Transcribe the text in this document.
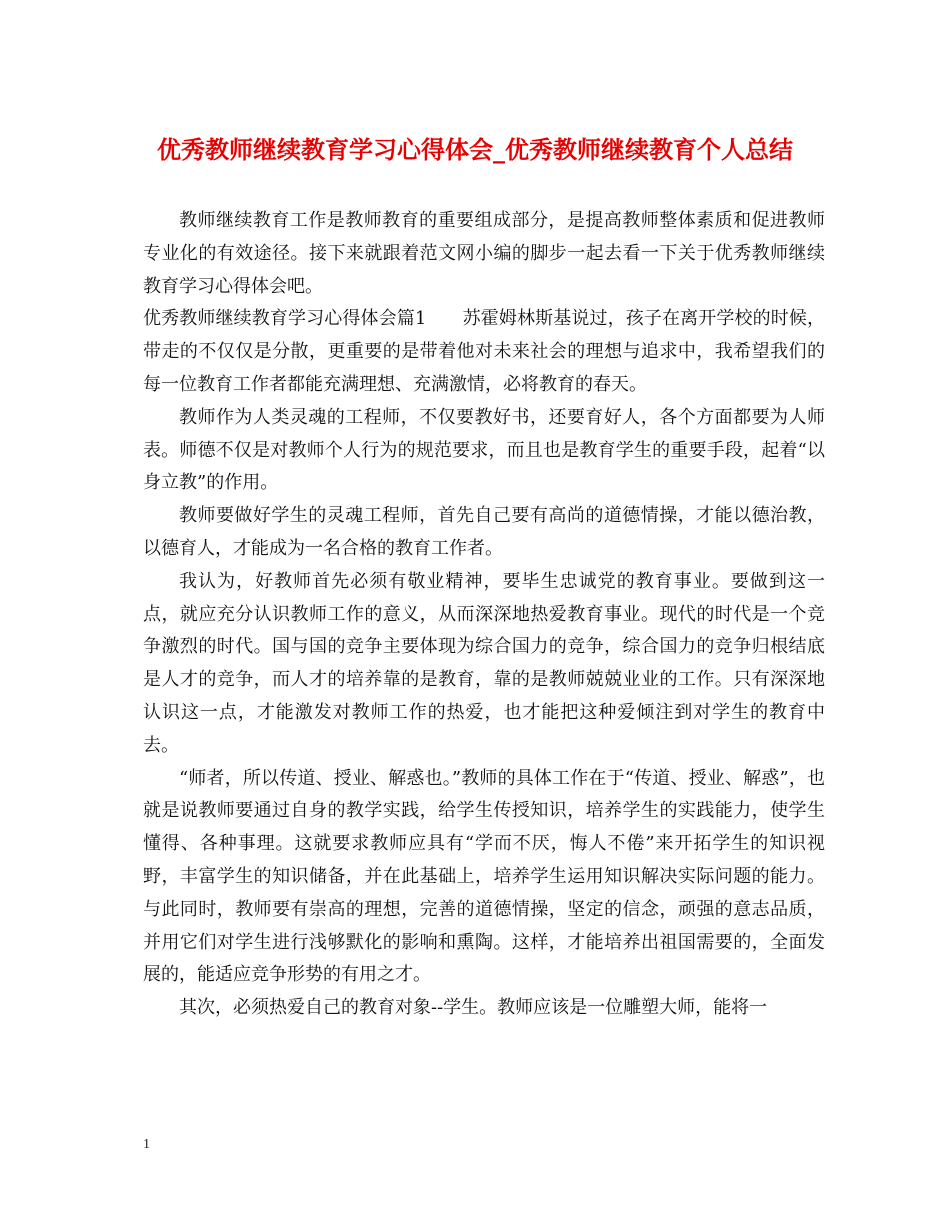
优秀教师继续教育学习心得体会_优秀教师继续教育个人总结

教师继续教育工作是教师教育的重要组成部分，是提高教师整体素质和促进教师专业化的有效途径。接下来就跟着范文网小编的脚步一起去看一下关于优秀教师继续教育学习心得体会吧。

优秀教师继续教育学习心得体会篇1　　苏霍姆林斯基说过，孩子在离开学校的时候，带走的不仅仅是分散，更重要的是带着他对未来社会的理想与追求中，我希望我们的每一位教育工作者都能充满理想、充满激情，必将教育的春天。

教师作为人类灵魂的工程师，不仅要教好书，还要育好人，各个方面都要为人师表。师德不仅是对教师个人行为的规范要求，而且也是教育学生的重要手段，起着“以身立教”的作用。

教师要做好学生的灵魂工程师，首先自己要有高尚的道德情操，才能以德治教，以德育人，才能成为一名合格的教育工作者。

我认为，好教师首先必须有敬业精神，要毕生忠诚党的教育事业。要做到这一点，就应充分认识教师工作的意义，从而深深地热爱教育事业。现代的时代是一个竞争激烈的时代。国与国的竞争主要体现为综合国力的竞争，综合国力的竞争归根结底是人才的竞争，而人才的培养靠的是教育，靠的是教师兢兢业业的工作。只有深深地认识这一点，才能激发对教师工作的热爱，也才能把这种爱倾注到对学生的教育中去。

“师者，所以传道、授业、解惑也。”教师的具体工作在于“传道、授业、解惑”，也就是说教师要通过自身的教学实践，给学生传授知识，培养学生的实践能力，使学生懂得、各种事理。这就要求教师应具有“学而不厌，悔人不倦”来开拓学生的知识视野，丰富学生的知识储备，并在此基础上，培养学生运用知识解决实际问题的能力。与此同时，教师要有崇高的理想，完善的道德情操，坚定的信念，顽强的意志品质，并用它们对学生进行浅够默化的影响和熏陶。这样，才能培养出祖国需要的，全面发展的，能适应竞争形势的有用之才。

其次，必须热爱自己的教育对象--学生。教师应该是一位雕塑大师，能将一

1
